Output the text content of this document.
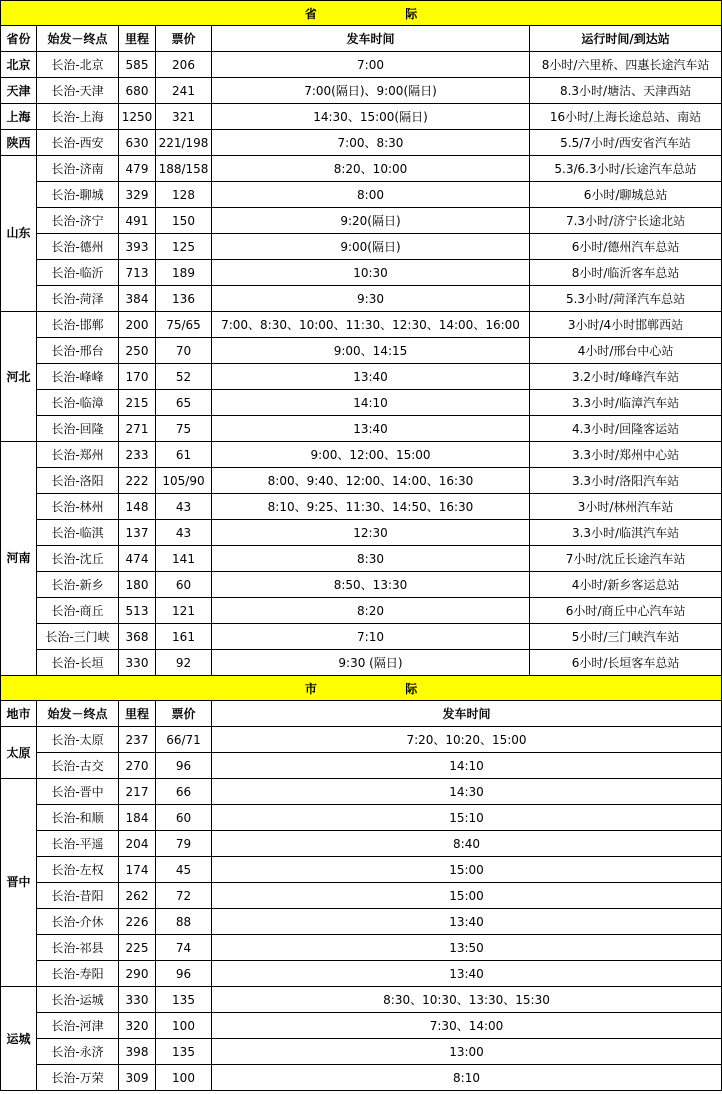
省 际					
省份	始发－终点	里程	票价	发车时间	运行时间/到达站
北京	长治-北京	585	206	7:00	8小时/六里桥、四惠长途汽车站
天津	长治-天津	680	241	7:00(隔日)、9:00(隔日)	8.3小时/塘沽、天津西站
上海	长治-上海	1250	321	14:30、15:00(隔日)	16小时/上海长途总站、南站
陕西	长治-西安	630	221/198	7:00、8:30	5.5/7小时/西安省汽车站
山东	长治-济南	479	188/158	8:20、10:00	5.3/6.3小时/长途汽车总站
	长治-聊城	329	128	8:00	6小时/聊城总站
	长治-济宁	491	150	9:20(隔日)	7.3小时/济宁长途北站
	长治-德州	393	125	9:00(隔日)	6小时/德州汽车总站
	长治-临沂	713	189	10:30	8小时/临沂客车总站
	长治-菏泽	384	136	9:30	5.3小时/菏泽汽车总站
河北	长治-邯郸	200	75/65	7:00、8:30、10:00、11:30、12:30、14:00、16:00	3小时/4小时邯郸西站
	长治-邢台	250	70	9:00、14:15	4小时/邢台中心站
	长治-峰峰	170	52	13:40	3.2小时/峰峰汽车站
	长治-临漳	215	65	14:10	3.3小时/临漳汽车站
	长治-回隆	271	75	13:40	4.3小时/回隆客运站
河南	长治-郑州	233	61	9:00、12:00、15:00	3.3小时/郑州中心站
	长治-洛阳	222	105/90	8:00、9:40、12:00、14:00、16:30	3.3小时/洛阳汽车站
	长治-林州	148	43	8:10、9:25、11:30、14:50、16:30	3小时/林州汽车站
	长治-临淇	137	43	12:30	3.3小时/临淇汽车站
	长治-沈丘	474	141	8:30	7小时/沈丘长途汽车站
	长治-新乡	180	60	8:50、13:30	4小时/新乡客运总站
	长治-商丘	513	121	8:20	6小时/商丘中心汽车站
	长治-三门峡	368	161	7:10	5小时/三门峡汽车站
	长治-长垣	330	92	9:30 (隔日)	6小时/长垣客车总站
市 际				
地市	始发－终点	里程	票价	发车时间
太原	长治-太原	237	66/71	7:20、10:20、15:00
	长治-古交	270	96	14:10
晋中	长治-晋中	217	66	14:30
	长治-和顺	184	60	15:10
	长治-平遥	204	79	8:40
	长治-左权	174	45	15:00
	长治-昔阳	262	72	15:00
	长治-介休	226	88	13:40
	长治-祁县	225	74	13:50
	长治-寿阳	290	96	13:40
运城	长治-运城	330	135	8:30、10:30、13:30、15:30
	长治-河津	320	100	7:30、14:00
	长治-永济	398	135	13:00
	长治-万荣	309	100	8:10
